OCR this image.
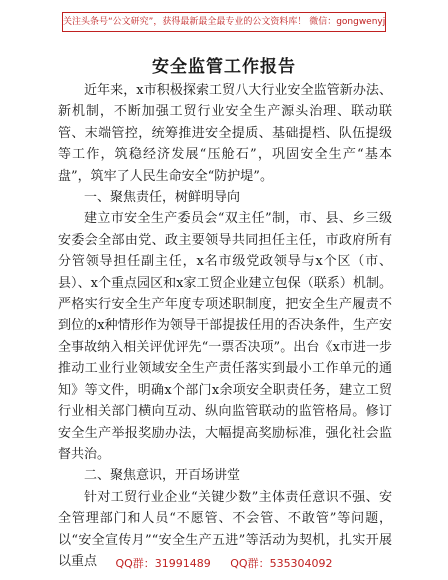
关注头条号“公文研究”，获得最新最全最专业的公文资料库！ 微信：gongwenyj
安全监管工作报告

近年来，x市积极探索工贸八大行业安全监管新办法、新机制，不断加强工贸行业安全生产源头治理、联动联管、末端管控，统筹推进安全提质、基础提档、队伍提级等工作，筑稳经济发展“压舱石”，巩固安全生产“基本盘”，筑牢了人民生命安全“防护堤”。

一、聚焦责任，树鲜明导向

建立市安全生产委员会“双主任”制，市、县、乡三级安委会全部由党、政主要领导共同担任主任，市政府所有分管领导担任副主任，x名市级党政领导与x个区（市、县）、x个重点园区和x家工贸企业建立包保（联系）机制。严格实行安全生产年度专项述职制度，把安全生产履责不到位的x种情形作为领导干部提拔任用的否决条件，生产安全事故纳入相关评优评先“一票否决项”。出台《x市进一步推动工业行业领域安全生产责任落实到最小工作单元的通知》等文件，明确x个部门x余项安全职责任务，建立工贸行业相关部门横向互动、纵向监管联动的监管格局。修订安全生产举报奖励办法，大幅提高奖励标准，强化社会监督共治。

二、聚焦意识，开百场讲堂

针对工贸行业企业“关键少数”主体责任意识不强、安全管理部门和人员“不愿管、不会管、不敢管”等问题，以“安全宣传月”“安全生产五进”等活动为契机，扎实开展以重点	QQ群：31991489 QQ群：535304092
